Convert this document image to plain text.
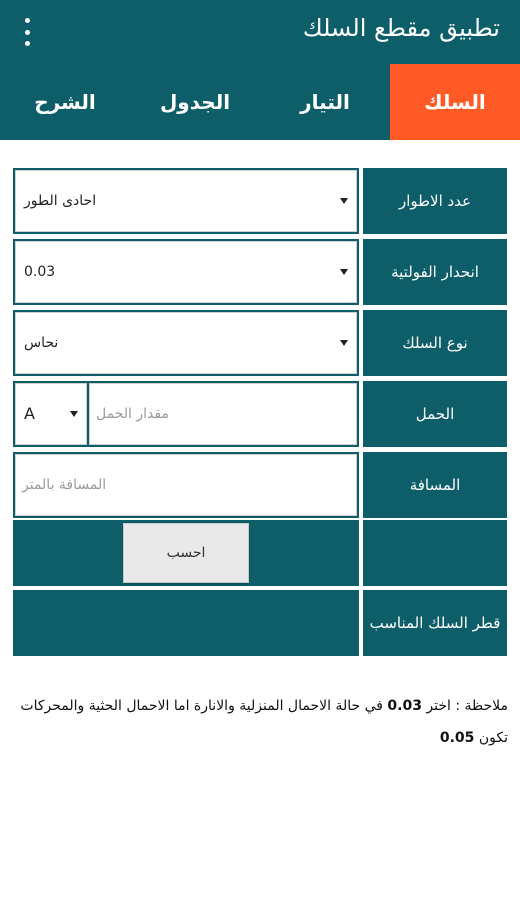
تطبيق مقطع السلك
السلك
التيار
الجدول
الشرح
احادى الطور	عدد الاطوار
0.03	انحدار الفولتية
نحاس	نوع السلك
A	مقدار الحمل	الحمل
المسافة بالمتر	المسافة
احسب
قطر السلك المناسب

ملاحظة : اختر 0.03 في حالة الاحمال المنزلية والانارة اما الاحمال الحثية والمحركات تكون 0.05
